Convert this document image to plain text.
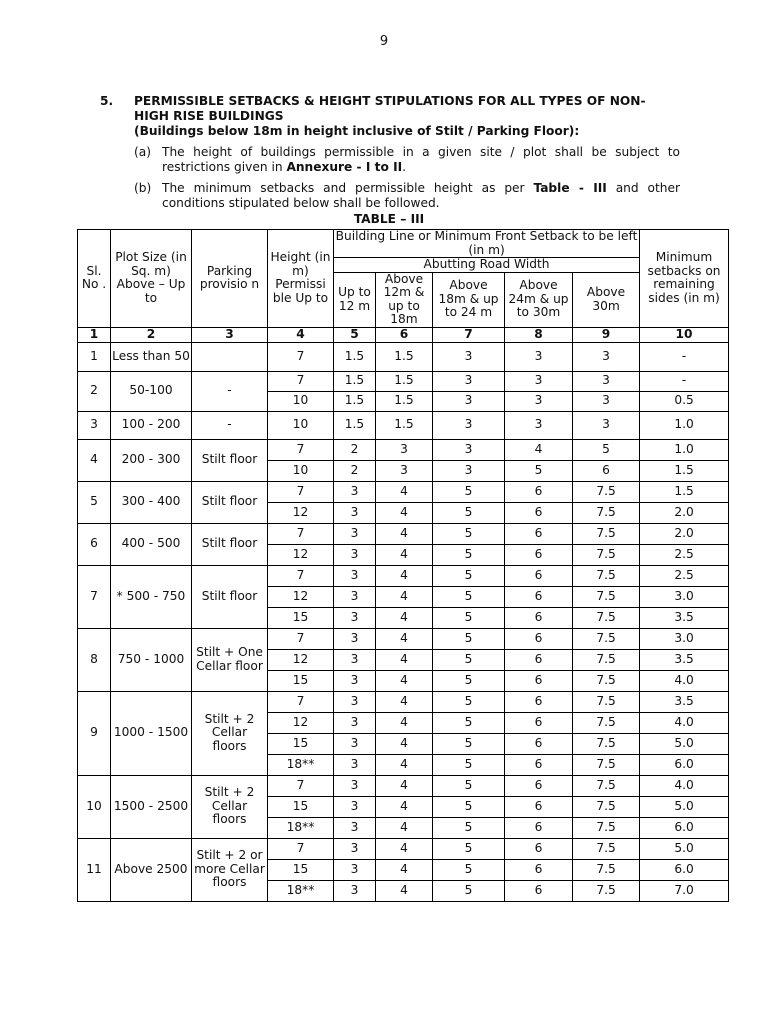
9
5.	PERMISSIBLE SETBACKS & HEIGHT STIPULATIONS FOR ALL TYPES OF NON-HIGH RISE BUILDINGS
(Buildings below 18m in height inclusive of Stilt / Parking Floor):
(a) The height of buildings permissible in a given site / plot shall be subject to restrictions given in Annexure - I to II.
(b) The minimum setbacks and permissible height as per Table - III and other conditions stipulated below shall be followed.
TABLE – III
Sl. No .	Plot Size (in Sq. m) Above – Up to	Parking provisio n	Height (in m) Permissi ble Up to	Building Line or Minimum Front Setback to be left (in m)					Minimum setbacks on remaining sides (in m)
				Abutting Road Width					
				Up to 12 m	Above 12m & up to 18m	Above 18m & up to 24 m	Above 24m & up to 30m	Above 30m	
1	2	3	4	5	6	7	8	9	10
1	Less than 50		7	1.5	1.5	3	3	3	-
2	50-100	-	7	1.5	1.5	3	3	3	-
			10	1.5	1.5	3	3	3	0.5
3	100 - 200	-	10	1.5	1.5	3	3	3	1.0
4	200 - 300	Stilt floor	7	2	3	3	4	5	1.0
			10	2	3	3	5	6	1.5
5	300 - 400	Stilt floor	7	3	4	5	6	7.5	1.5
			12	3	4	5	6	7.5	2.0
6	400 - 500	Stilt floor	7	3	4	5	6	7.5	2.0
			12	3	4	5	6	7.5	2.5
7	* 500 - 750	Stilt floor	7	3	4	5	6	7.5	2.5
			12	3	4	5	6	7.5	3.0
			15	3	4	5	6	7.5	3.5
8	750 - 1000	Stilt + One Cellar floor	7	3	4	5	6	7.5	3.0
			12	3	4	5	6	7.5	3.5
			15	3	4	5	6	7.5	4.0
9	1000 - 1500	Stilt + 2 Cellar floors	7	3	4	5	6	7.5	3.5
			12	3	4	5	6	7.5	4.0
			15	3	4	5	6	7.5	5.0
			18**	3	4	5	6	7.5	6.0
10	1500 - 2500	Stilt + 2 Cellar floors	7	3	4	5	6	7.5	4.0
			15	3	4	5	6	7.5	5.0
			18**	3	4	5	6	7.5	6.0
11	Above 2500	Stilt + 2 or more Cellar floors	7	3	4	5	6	7.5	5.0
			15	3	4	5	6	7.5	6.0
			18**	3	4	5	6	7.5	7.0
